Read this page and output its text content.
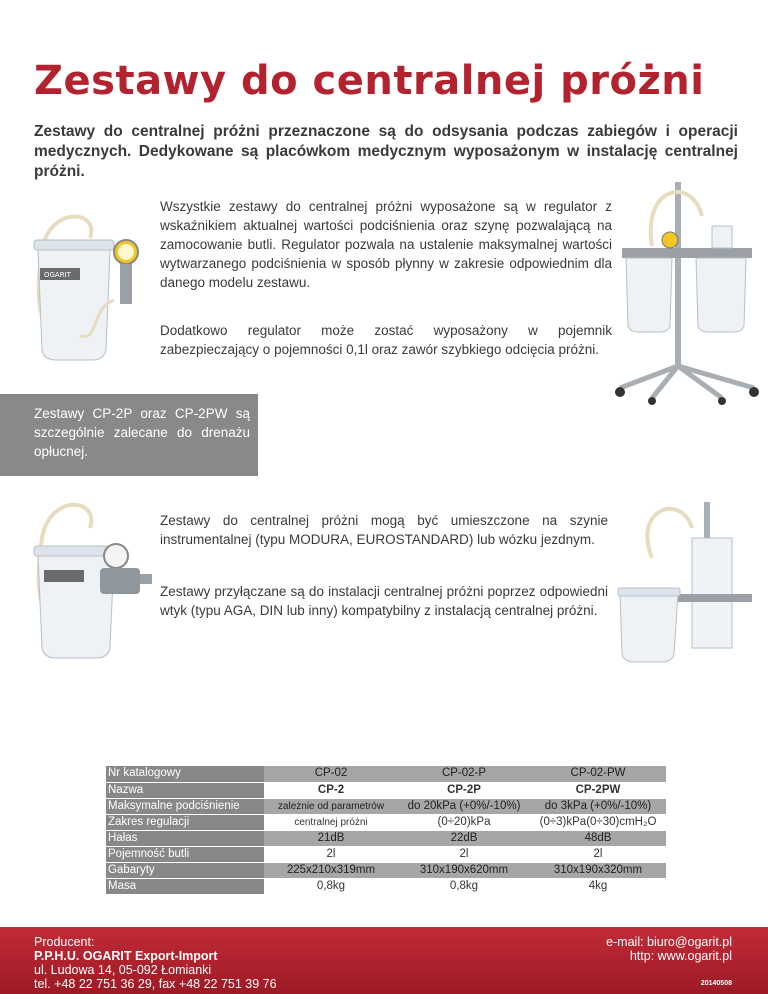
Zestawy do centralnej próżni

Zestawy do centralnej próżni przeznaczone są do odsysania podczas zabiegów i operacji medycznych. Dedykowane są placówkom medycznym wyposażonym w instalację centralnej próżni.

OGARIT

Wszystkie zestawy do centralnej próżni wyposażone są w regulator z wskaźnikiem aktualnej wartości podciśnienia oraz szynę pozwalającą na zamocowanie butli. Regulator pozwala na ustalenie maksymalnej wartości wytwarzanego podciśnienia w sposób płynny w zakresie odpowiednim dla danego modelu zestawu.

Dodatkowo regulator może zostać wyposażony w pojemnik zabezpieczający o pojemności 0,1l oraz zawór szybkiego odcięcia próżni.

Zestawy CP-2P oraz CP-2PW są szczególnie zalecane do drenażu opłucnej.

Zestawy do centralnej próżni mogą być umieszczone na szynie instrumentalnej (typu MODURA, EUROSTANDARD) lub wózku jezdnym.

Zestawy przyłączane są do instalacji centralnej próżni poprzez odpowiedni wtyk (typu AGA, DIN lub inny) kompatybilny z instalacją centralnej próżni.

Nr katalogowy	CP-02	CP-02-P	CP-02-PW
Nazwa	CP-2	CP-2P	CP-2PW
Maksymalne podciśnienie	zależnie od parametrów	do 20kPa (+0%/-10%)	do 3kPa (+0%/-10%)
Zakres regulacji	centralnej próżni	(0÷20)kPa	(0÷3)kPa(0÷30)cmH₂O
Hałas	21dB	22dB	48dB
Pojemność butli	2l	2l	2l
Gabaryty	225x210x319mm	310x190x620mm	310x190x320mm
Masa	0,8kg	0,8kg	4kg
Producent:
P.P.H.U. OGARIT Export-Import
ul. Ludowa 14, 05-092 Łomianki
tel. +48 22 751 36 29, fax +48 22 751 39 76
e-mail: biuro@ogarit.pl
http: www.ogarit.pl
20140508
